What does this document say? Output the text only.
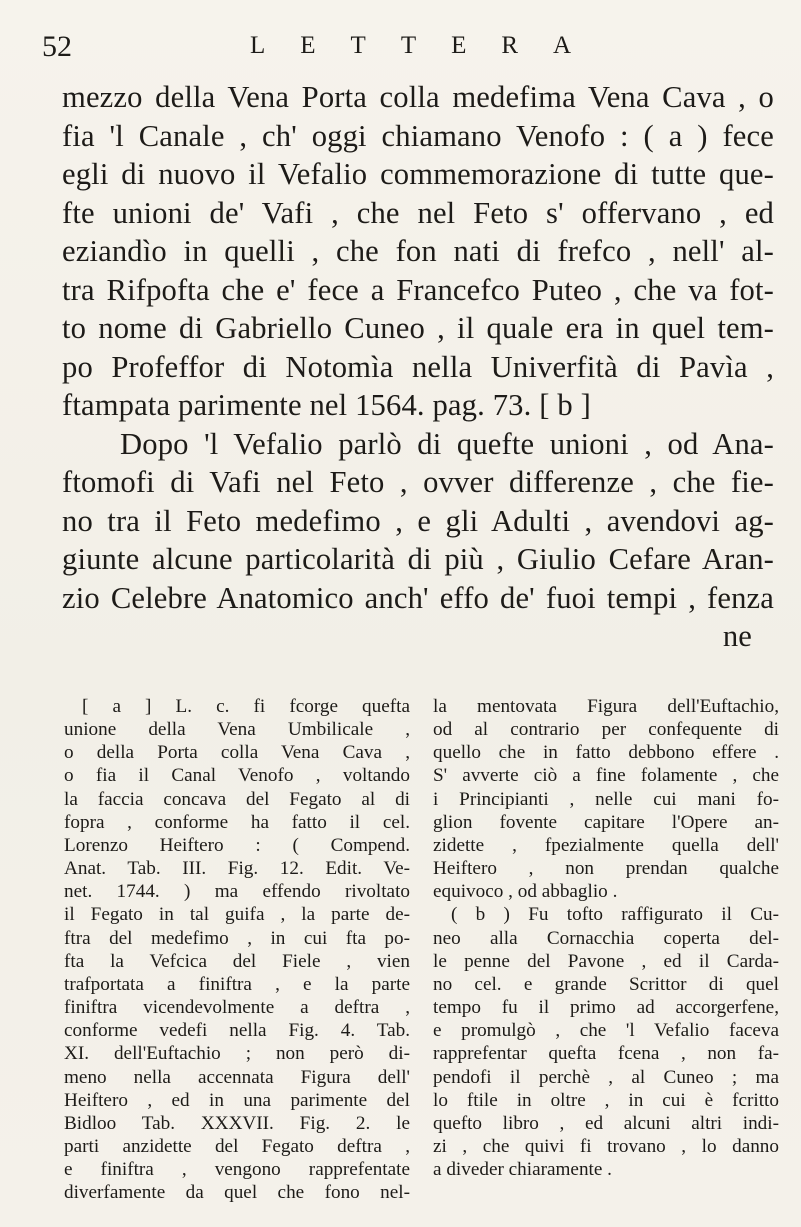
52	LETTERA
mezzo della Vena Porta colla medefima Vena Cava , o
fia 'l Canale , ch' oggi chiamano Venofo : ( a ) fece
egli di nuovo il Vefalio commemorazione di tutte que-
fte unioni de' Vafi , che nel Feto s' offervano , ed
eziandìo in quelli , che fon nati di frefco , nell' al-
tra Rifpofta che e' fece a Francefco Puteo , che va fot-
to nome di Gabriello Cuneo , il quale era in quel tem-
po Profeffor di Notomìa nella Univerfità di Pavìa ,
ftampata parimente nel 1564. pag. 73. [ b ]
Dopo 'l Vefalio parlò di quefte unioni , od Ana-
ftomofi di Vafi nel Feto , ovver differenze , che fie-
no tra il Feto medefimo , e gli Adulti , avendovi ag-
giunte alcune particolarità di più , Giulio Cefare Aran-
zio Celebre Anatomico anch' effo de' fuoi tempi , fenza
ne
[ a ] L. c. fi fcorge quefta
unione della Vena Umbilicale ,
o della Porta colla Vena Cava ,
o fia il Canal Venofo , voltando
la faccia concava del Fegato al di
fopra , conforme ha fatto il cel.
Lorenzo Heiftero : ( Compend.
Anat. Tab. III. Fig. 12. Edit. Ve-
net. 1744. ) ma effendo rivoltato
il Fegato in tal guifa , la parte de-
ftra del medefimo , in cui fta po-
fta la Vefcica del Fiele , vien
trafportata a finiftra , e la parte
finiftra vicendevolmente a deftra ,
conforme vedefi nella Fig. 4. Tab.
XI. dell'Euftachio ; non però di-
meno nella accennata Figura dell'
Heiftero , ed in una parimente del
Bidloo Tab. XXXVII. Fig. 2. le
parti anzidette del Fegato deftra ,
e finiftra , vengono rapprefentate
diverfamente da quel che fono nel-
la mentovata Figura dell'Euftachio,
od al contrario per confequente di
quello che in fatto debbono effere .
S' avverte ciò a fine folamente , che
i Principianti , nelle cui mani fo-
glion fovente capitare l'Opere an-
zidette , fpezialmente quella dell'
Heiftero , non prendan qualche
equivoco , od abbaglio .
( b ) Fu tofto raffigurato il Cu-
neo alla Cornacchia coperta del-
le penne del Pavone , ed il Carda-
no cel. e grande Scrittor di quel
tempo fu il primo ad accorgerfene,
e promulgò , che 'l Vefalio faceva
rapprefentar quefta fcena , non fa-
pendofi il perchè , al Cuneo ; ma
lo ftile in oltre , in cui è fcritto
quefto libro , ed alcuni altri indi-
zi , che quivi fi trovano , lo danno
a diveder chiaramente .
